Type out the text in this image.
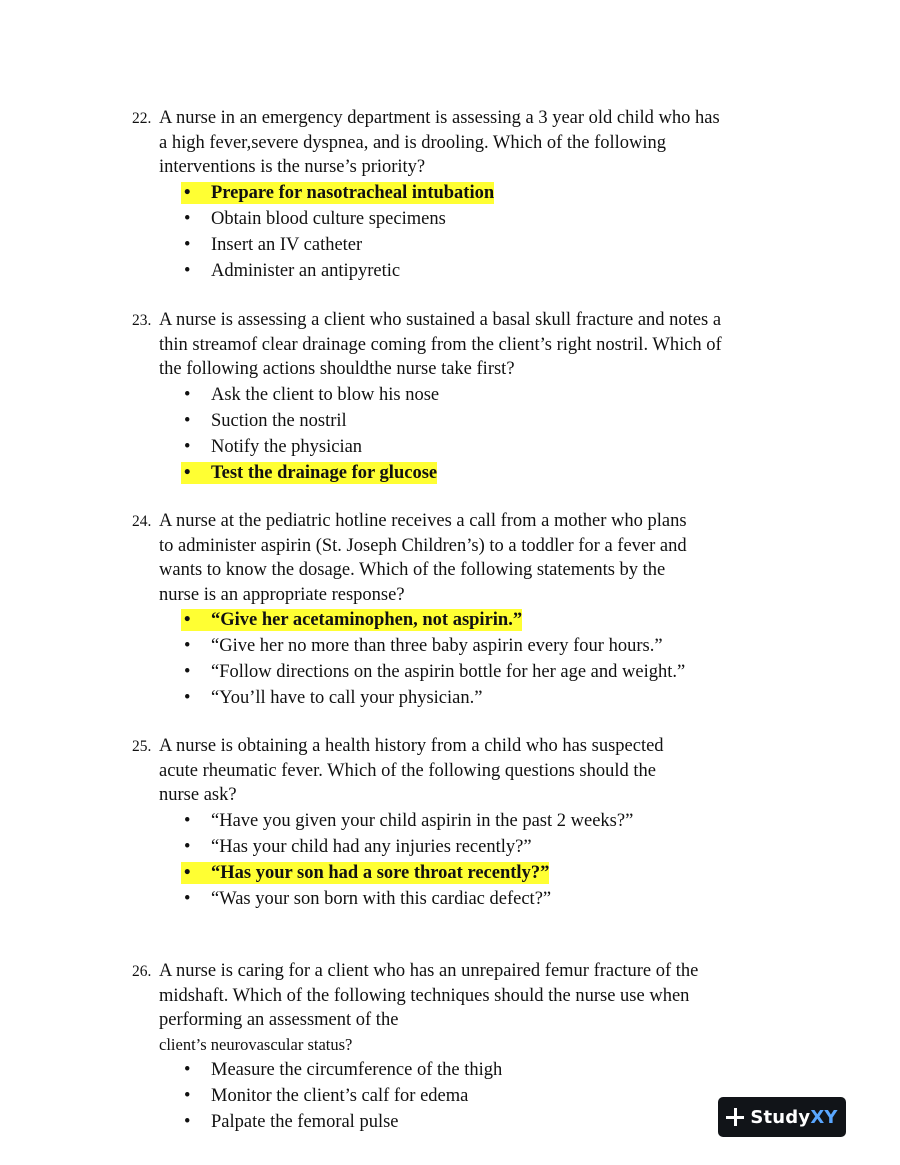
22. A nurse in an emergency department is assessing a 3 year old child who has
a high fever,severe dyspnea, and is drooling. Which of the following
interventions is the nurse’s priority?
•	Prepare for nasotracheal intubation
•	Obtain blood culture specimens
•	Insert an IV catheter
•	Administer an antipyretic
23. A nurse is assessing a client who sustained a basal skull fracture and notes a
thin streamof clear drainage coming from the client’s right nostril. Which of
the following actions shouldthe nurse take first?
•	Ask the client to blow his nose
•	Suction the nostril
•	Notify the physician
•	Test the drainage for glucose
24. A nurse at the pediatric hotline receives a call from a mother who plans
to administer aspirin (St. Joseph Children’s) to a toddler for a fever and
wants to know the dosage. Which of the following statements by the
nurse is an appropriate response?
•	“Give her acetaminophen, not aspirin.”
•	“Give her no more than three baby aspirin every four hours.”
•	“Follow directions on the aspirin bottle for her age and weight.”
•	“You’ll have to call your physician.”
25. A nurse is obtaining a health history from a child who has suspected
acute rheumatic fever. Which of the following questions should the
nurse ask?
•	“Have you given your child aspirin in the past 2 weeks?”
•	“Has your child had any injuries recently?”
•	“Has your son had a sore throat recently?”
•	“Was your son born with this cardiac defect?”
26. A nurse is caring for a client who has an unrepaired femur fracture of the
midshaft. Which of the following techniques should the nurse use when
performing an assessment of the
client’s neurovascular status?
•	Measure the circumference of the thigh
•	Monitor the client’s calf for edema
•	Palpate the femoral pulse	StudyXY
